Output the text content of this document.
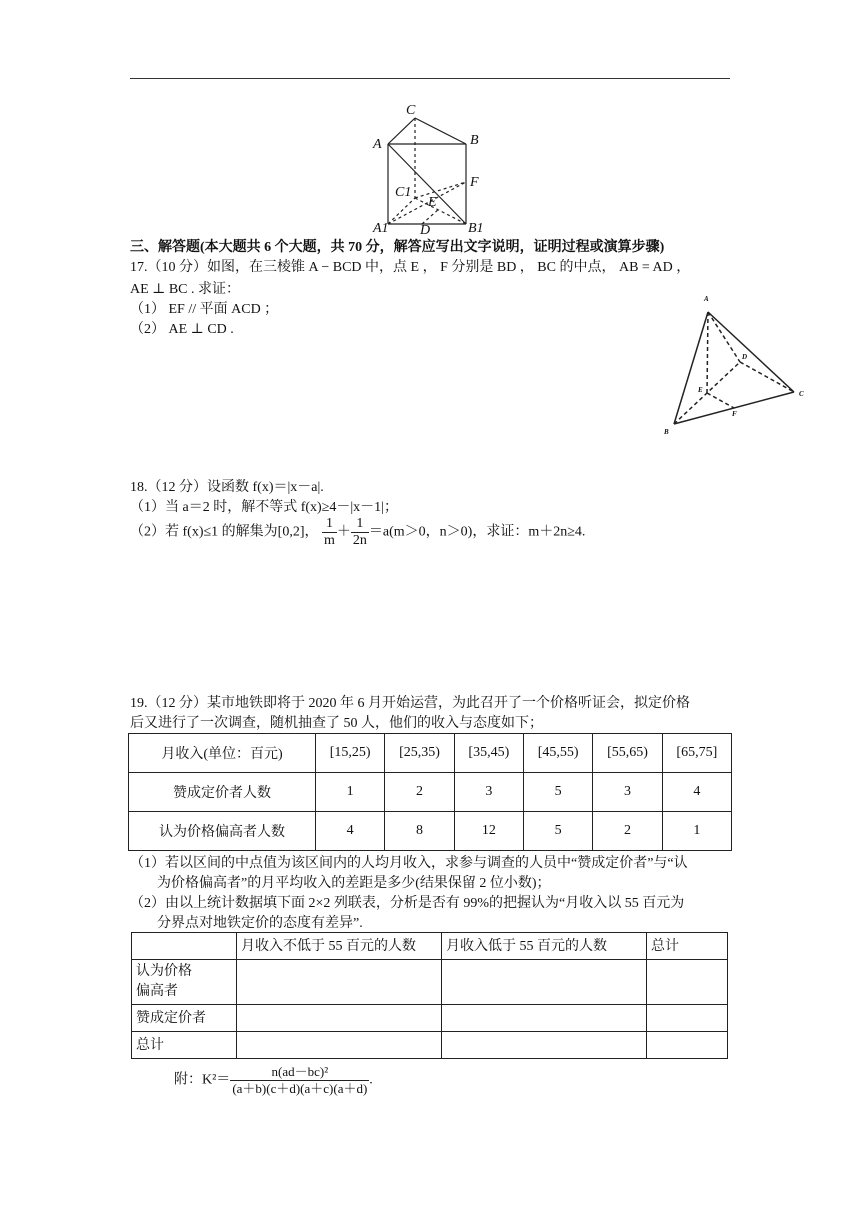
C
A	B
C1
F
E
A1 D	B1
三、解答题(本大题共 6 个大题，共 70 分，解答应写出文字说明，证明过程或演算步骤)
17.（10 分）如图，在三棱锥 A − BCD 中，点 E ， F 分别是 BD ， BC 的中点， AB = AD ，
AE ⊥ BC . 求证：
（1） EF // 平面 ACD ；
（2） AE ⊥ CD .
A
D
E	C
F
B
18.（12 分）设函数 f(x)＝|x－a|.
（1）当 a＝2 时，解不等式 f(x)≥4－|x－1|；
（2）若 f(x)≤1 的解集为[0,2]， $\frac{1}{m} + \frac{1}{2n} =a(m>0$，n＞0)，求证：m＋2n≥4.
19.（12 分）某市地铁即将于 2020 年 6 月开始运营，为此召开了一个价格听证会，拟定价格
后又进行了一次调查，随机抽查了 50 人，他们的收入与态度如下；
月收入(单位：百元)	[15,25)	[25,35)	[35,45)	[45,55)	[55,65)	[65,75]
赞成定价者人数	1	2	3	5	3	4
认为价格偏高者人数	4	8	12	5	2	1
（1）若以区间的中点值为该区间内的人均月收入，求参与调查的人员中“赞成定价者”与“认
为价格偏高者”的月平均收入的差距是多少(结果保留 2 位小数)；
（2）由以上统计数据填下面 2×2 列联表，分析是否有 99%的把握认为“月收入以 55 百元为
分界点对地铁定价的态度有差异”.
	月收入不低于 55 百元的人数	月收入低于 55 百元的人数	总计

认为价格偏高者			

赞成定价者			
总计			
附：$K^2= \frac{\text{n(ad－bc)²}}{(a+b)(c+d)(a+c)(a+d)}$ .
